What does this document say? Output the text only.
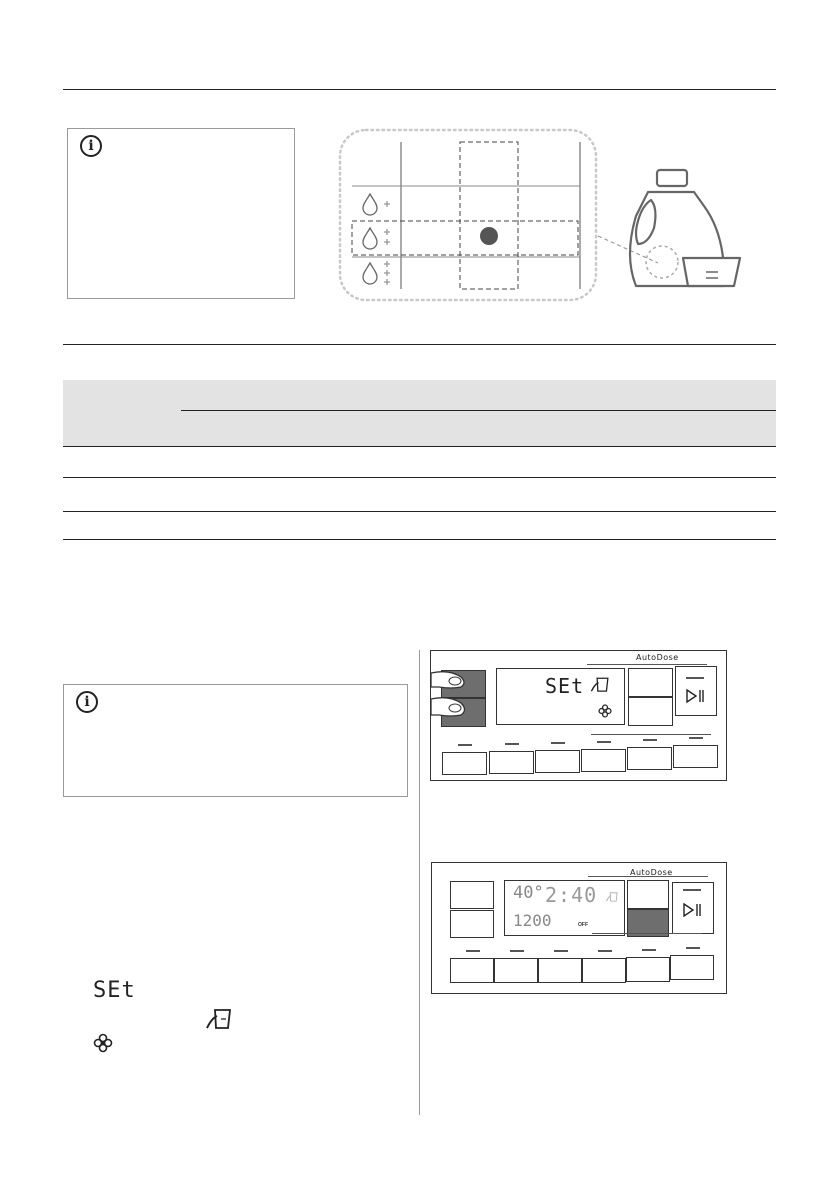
i
i
SEt
AutoDose
SEt
AutoDose
40° 2:40
1200	OFF
